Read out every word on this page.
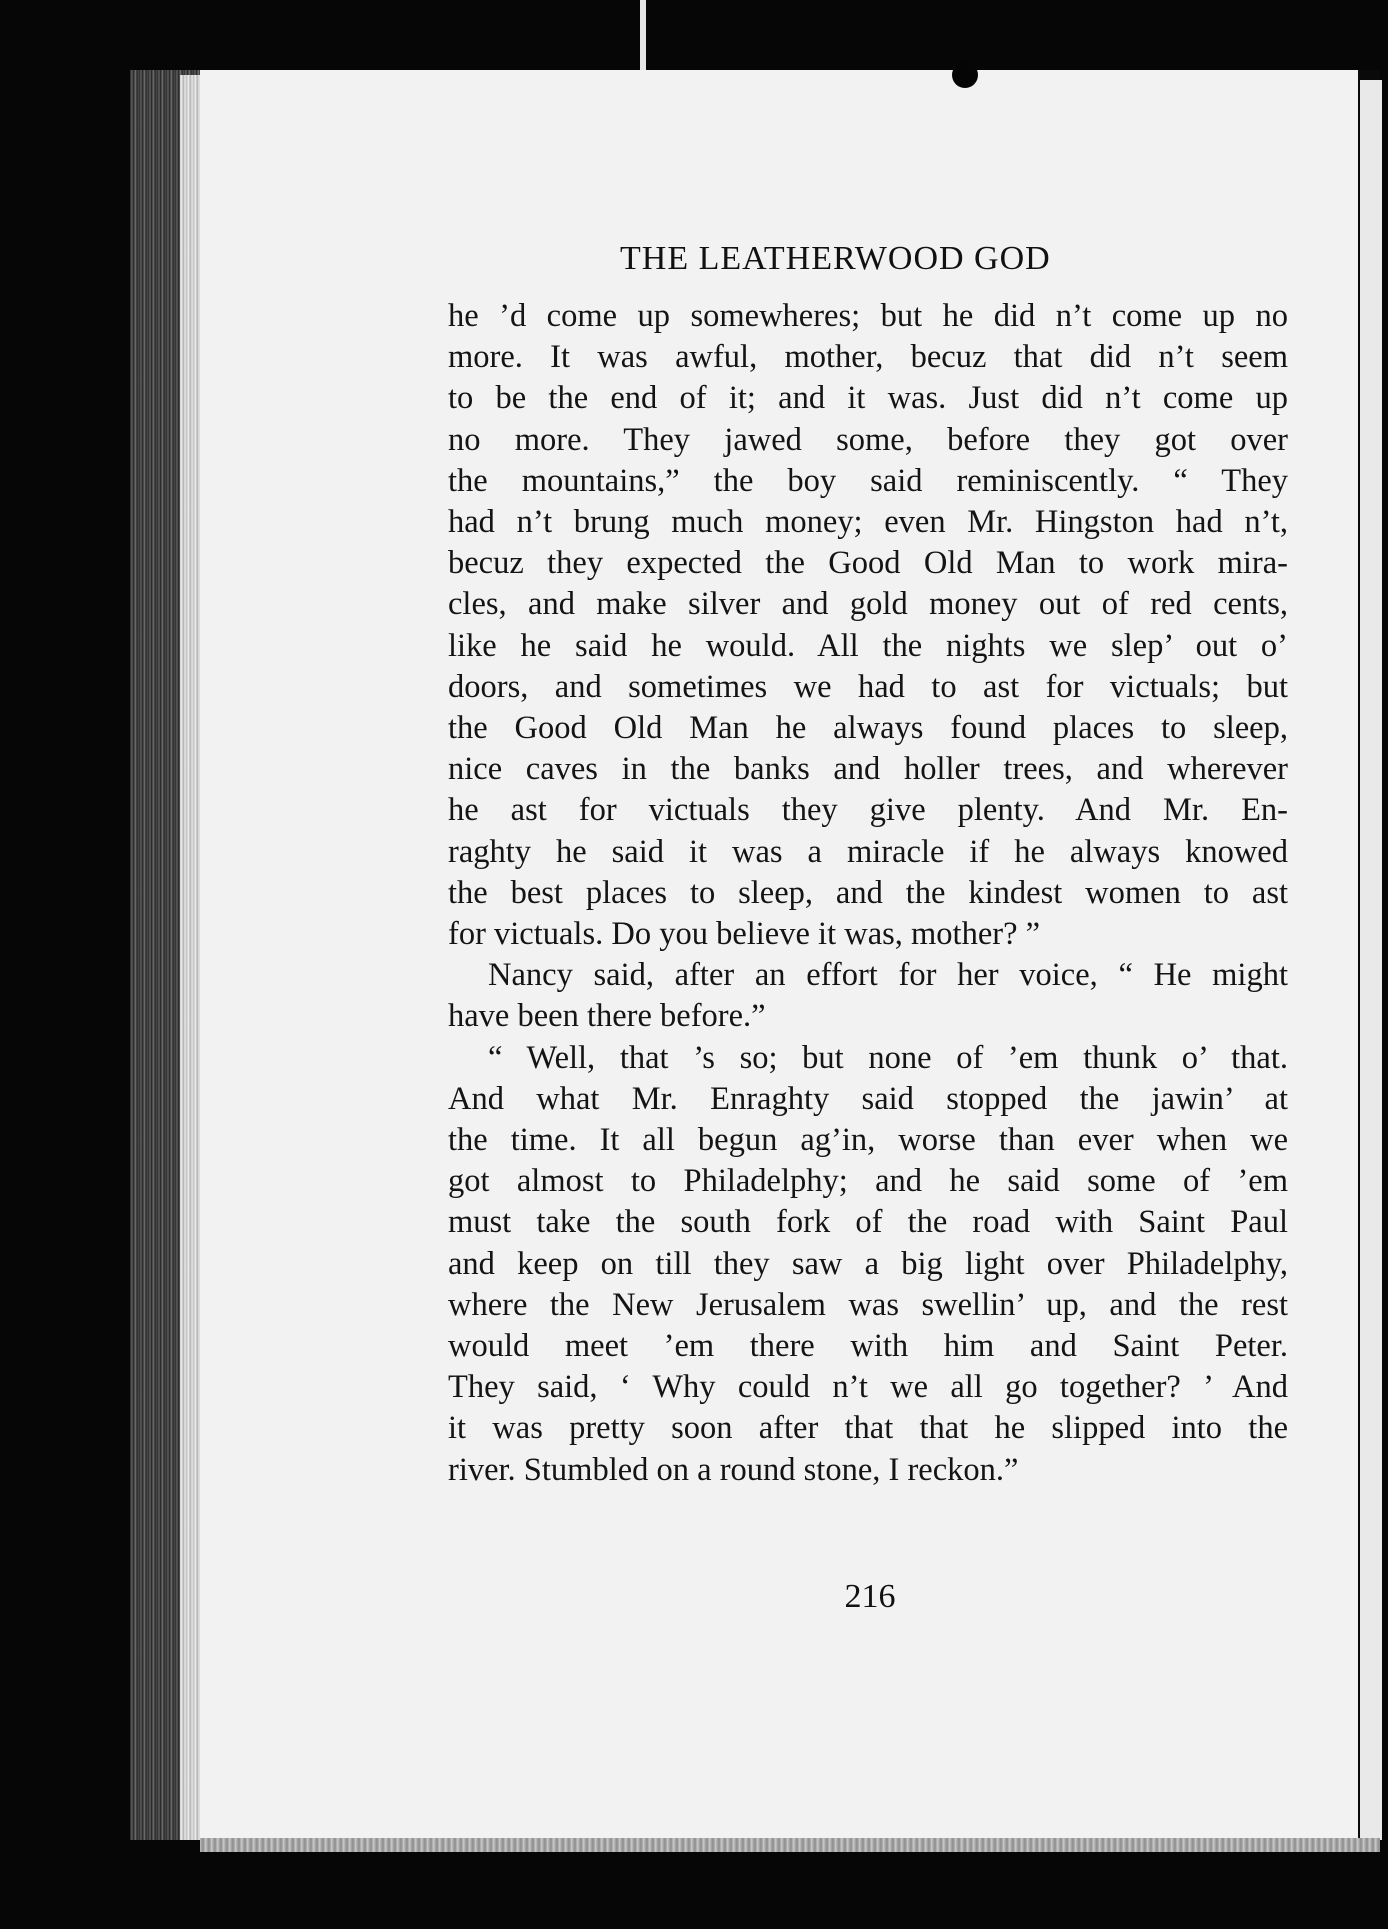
THE LEATHERWOOD GOD
he ’d come up somewheres; but he did n’t come up no
more. It was awful, mother, becuz that did n’t seem
to be the end of it; and it was. Just did n’t come up
no more. They jawed some, before they got over
the mountains,” the boy said reminiscently. “ They
had n’t brung much money; even Mr. Hingston had n’t,
becuz they expected the Good Old Man to work mira-
cles, and make silver and gold money out of red cents,
like he said he would. All the nights we slep’ out o’
doors, and sometimes we had to ast for victuals; but
the Good Old Man he always found places to sleep,
nice caves in the banks and holler trees, and wherever
he ast for victuals they give plenty. And Mr. En-
raghty he said it was a miracle if he always knowed
the best places to sleep, and the kindest women to ast
for victuals. Do you believe it was, mother? ”
Nancy said, after an effort for her voice, “ He might
have been there before.”
“ Well, that ’s so; but none of ’em thunk o’ that.
And what Mr. Enraghty said stopped the jawin’ at
the time. It all begun ag’in, worse than ever when we
got almost to Philadelphy; and he said some of ’em
must take the south fork of the road with Saint Paul
and keep on till they saw a big light over Philadelphy,
where the New Jerusalem was swellin’ up, and the rest
would meet ’em there with him and Saint Peter.
They said, ‘ Why could n’t we all go together? ’ And
it was pretty soon after that that he slipped into the
river. Stumbled on a round stone, I reckon.”
216
